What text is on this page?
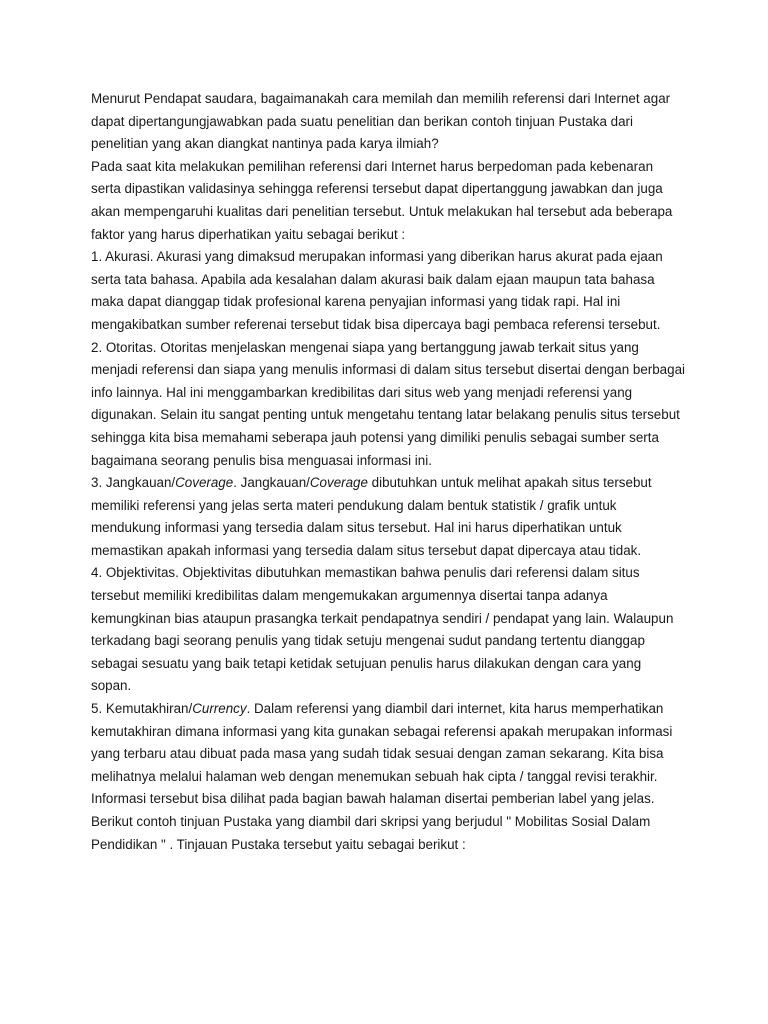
Menurut Pendapat saudara, bagaimanakah cara memilah dan memilih referensi dari Internet agar dapat dipertangungjawabkan pada suatu penelitian dan berikan contoh tinjuan Pustaka dari penelitian yang akan diangkat nantinya pada karya ilmiah?

Pada saat kita melakukan pemilihan referensi dari Internet harus berpedoman pada kebenaran serta dipastikan validasinya sehingga referensi tersebut dapat dipertanggung jawabkan dan juga akan mempengaruhi kualitas dari penelitian tersebut. Untuk melakukan hal tersebut ada beberapa faktor yang harus diperhatikan yaitu sebagai berikut :

1. Akurasi. Akurasi yang dimaksud merupakan informasi yang diberikan harus akurat pada ejaan serta tata bahasa. Apabila ada kesalahan dalam akurasi baik dalam ejaan maupun tata bahasa maka dapat dianggap tidak profesional karena penyajian informasi yang tidak rapi. Hal ini mengakibatkan sumber referenai tersebut tidak bisa dipercaya bagi pembaca referensi tersebut.

2. Otoritas. Otoritas menjelaskan mengenai siapa yang bertanggung jawab terkait situs yang menjadi referensi dan siapa yang menulis informasi di dalam situs tersebut disertai dengan berbagai info lainnya. Hal ini menggambarkan kredibilitas dari situs web yang menjadi referensi yang digunakan. Selain itu sangat penting untuk mengetahu tentang latar belakang penulis situs tersebut sehingga kita bisa memahami seberapa jauh potensi yang dimiliki penulis sebagai sumber serta bagaimana seorang penulis bisa menguasai informasi ini.

3. Jangkauan/Coverage. Jangkauan/Coverage dibutuhkan untuk melihat apakah situs tersebut memiliki referensi yang jelas serta materi pendukung dalam bentuk statistik / grafik untuk mendukung informasi yang tersedia dalam situs tersebut. Hal ini harus diperhatikan untuk memastikan apakah informasi yang tersedia dalam situs tersebut dapat dipercaya atau tidak.

4. Objektivitas. Objektivitas dibutuhkan memastikan bahwa penulis dari referensi dalam situs tersebut memiliki kredibilitas dalam mengemukakan argumennya disertai tanpa adanya kemungkinan bias ataupun prasangka terkait pendapatnya sendiri / pendapat yang lain. Walaupun terkadang bagi seorang penulis yang tidak setuju mengenai sudut pandang tertentu dianggap sebagai sesuatu yang baik tetapi ketidak setujuan penulis harus dilakukan dengan cara yang sopan.

5. Kemutakhiran/Currency. Dalam referensi yang diambil dari internet, kita harus memperhatikan kemutakhiran dimana informasi yang kita gunakan sebagai referensi apakah merupakan informasi yang terbaru atau dibuat pada masa yang sudah tidak sesuai dengan zaman sekarang. Kita bisa melihatnya melalui halaman web dengan menemukan sebuah hak cipta / tanggal revisi terakhir. Informasi tersebut bisa dilihat pada bagian bawah halaman disertai pemberian label yang jelas.

Berikut contoh tinjuan Pustaka yang diambil dari skripsi yang berjudul " Mobilitas Sosial Dalam Pendidikan " . Tinjauan Pustaka tersebut yaitu sebagai berikut :
